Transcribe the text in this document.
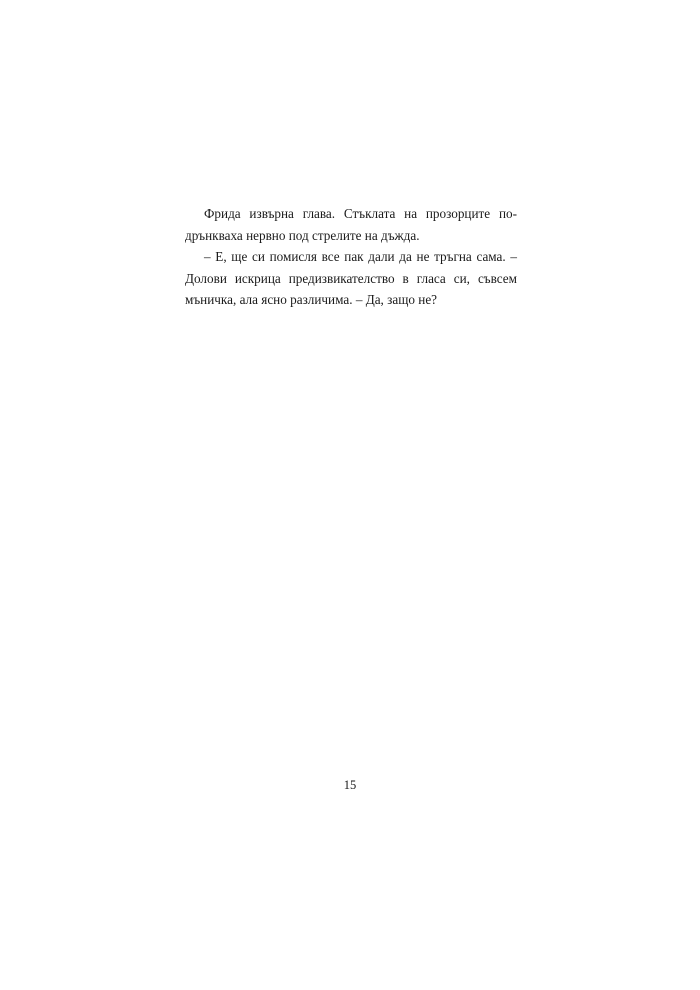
Фрида извърна глава. Стъклата на прозорците по-
дрънкваха нервно под стрелите на дъжда.
– Е, ще си помисля все пак дали да не тръгна сама. –
Долови искрица предизвикателство в гласа си, съвсем
мъничка, ала ясно различима. – Да, защо не?
15
